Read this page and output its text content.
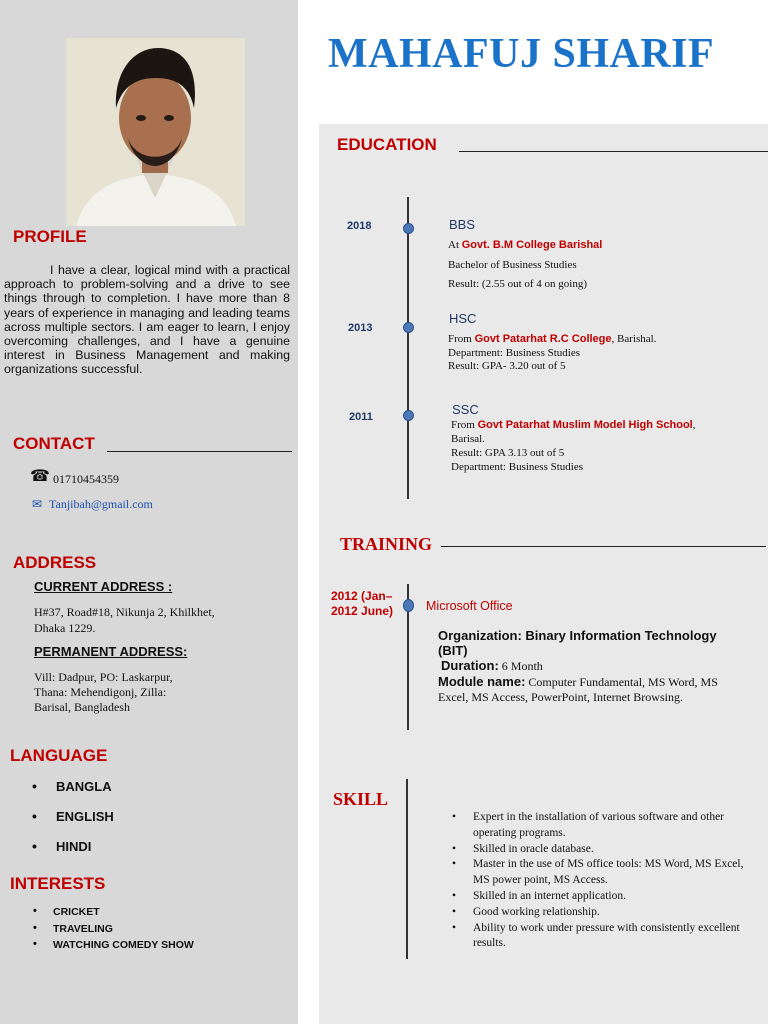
MAHAFUJ SHARIF
PROFILE
I have a clear, logical mind with a practical approach to problem-solving and a drive to see things through to completion. I have more than 8 years of experience in managing and leading teams across multiple sectors. I am eager to learn, I enjoy overcoming challenges, and I have a genuine interest in Business Management and making organizations successful.
CONTACT
☎ 01710454359
✉ Tanjibah@gmail.com
ADDRESS
CURRENT ADDRESS :
H#37, Road#18, Nikunja 2, Khilkhet,
Dhaka 1229.
PERMANENT ADDRESS:
Vill: Dadpur, PO: Laskarpur,
Thana: Mehendigonj, Zilla:
Barisal, Bangladesh
LANGUAGE
• BANGLA
• ENGLISH
• HINDI
INTERESTS
• CRICKET
• TRAVELING
• WATCHING COMEDY SHOW
EDUCATION
2018	BBS
At Govt. B.M College Barishal
Bachelor of Business Studies
Result: (2.55 out of 4 on going)
2013
HSC
From Govt Patarhat R.C College, Barishal.
Department: Business Studies
Result: GPA- 3.20 out of 5
2011	SSC
From Govt Patarhat Muslim Model High School,
Barisal.
Result: GPA 3.13 out of 5
Department: Business Studies
TRAINING
2012 (Jan–
2012 June)	Microsoft Office
Organization: Binary Information Technology
(BIT)
Duration: 6 Month
Module name: Computer Fundamental, MS Word, MS
Excel, MS Access, PowerPoint, Internet Browsing.
SKILL
• Expert in the installation of various software and other operating programs.
• Skilled in oracle database.
• Master in the use of MS office tools: MS Word, MS Excel, MS power point, MS Access.
• Skilled in an internet application.
• Good working relationship.
• Ability to work under pressure with consistently excellent results.
